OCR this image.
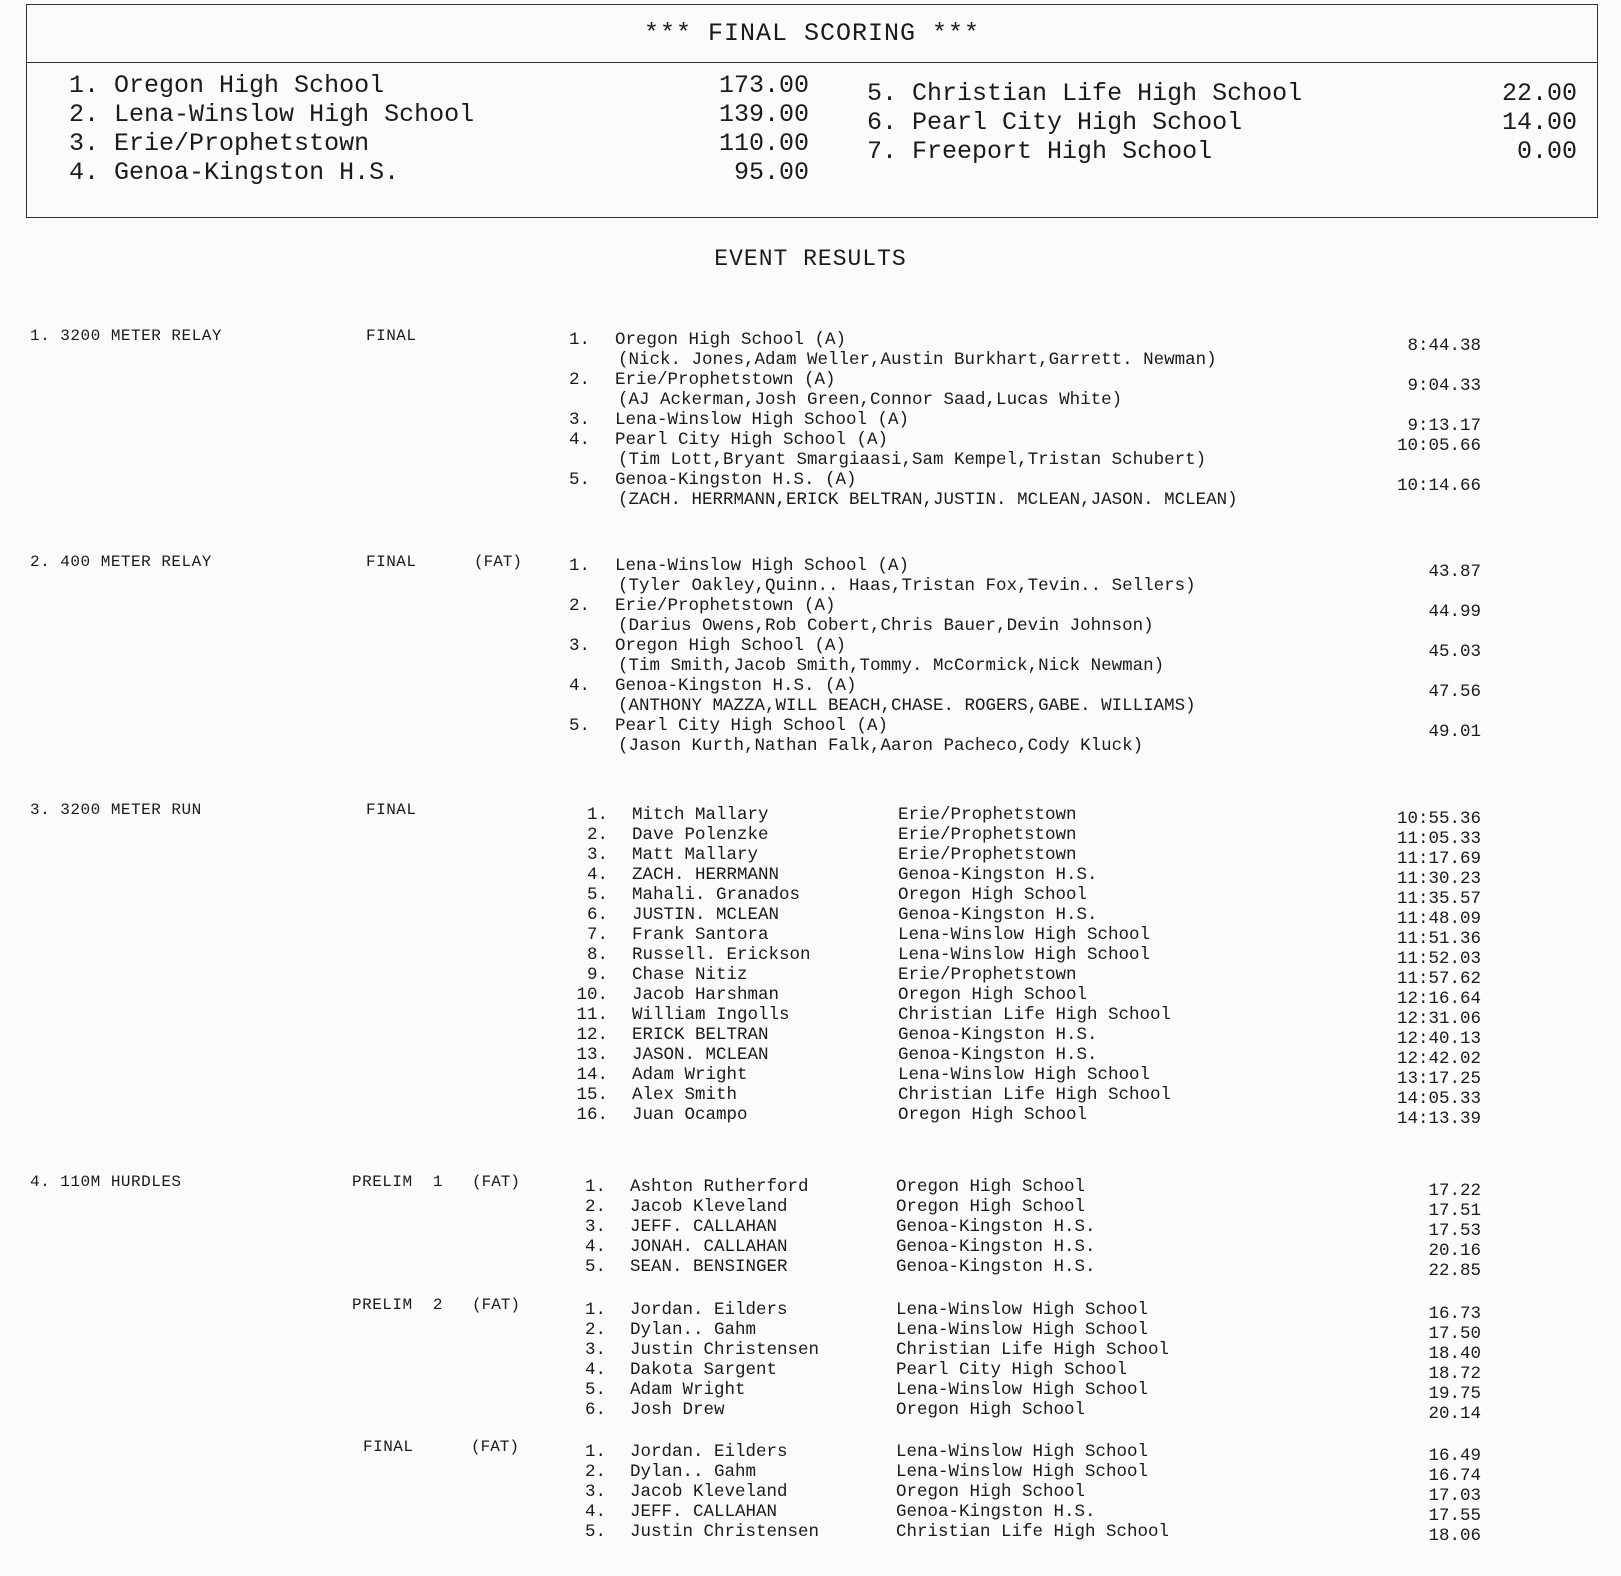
*** FINAL SCORING ***
1. Oregon High School	173.00
2. Lena-Winslow High School	139.00
3. Erie/Prophetstown	110.00
4. Genoa-Kingston H.S.	95.00
5. Christian Life High School	22.00
6. Pearl City High School	14.00
7. Freeport High School	0.00
EVENT RESULTS
1. 3200 METER RELAY	FINAL	1. Oregon High School (A)
(Nick. Jones,Adam Weller,Austin Burkhart,Garrett. Newman)
8:44.38
2. Erie/Prophetstown (A)
(AJ Ackerman,Josh Green,Connor Saad,Lucas White)
9:04.33
3. Lena-Winslow High School (A)	9:13.17
4. Pearl City High School (A)
(Tim Lott,Bryant Smargiaasi,Sam Kempel,Tristan Schubert)
10:05.66
5. Genoa-Kingston H.S. (A)
(ZACH. HERRMANN,ERICK BELTRAN,JUSTIN. MCLEAN,JASON. MCLEAN)
10:14.66
2. 400 METER RELAY	FINAL	(FAT)	1. Lena-Winslow High School (A)
(Tyler Oakley,Quinn.. Haas,Tristan Fox,Tevin.. Sellers)
43.87
2. Erie/Prophetstown (A)
(Darius Owens,Rob Cobert,Chris Bauer,Devin Johnson)
44.99
3. Oregon High School (A)
(Tim Smith,Jacob Smith,Tommy. McCormick,Nick Newman)
45.03
4. Genoa-Kingston H.S. (A)
(ANTHONY MAZZA,WILL BEACH,CHASE. ROGERS,GABE. WILLIAMS)
47.56
5. Pearl City High School (A)
(Jason Kurth,Nathan Falk,Aaron Pacheco,Cody Kluck)
49.01
3. 3200 METER RUN	FINAL	1. Mitch Mallary	Erie/Prophetstown	10:55.36
2. Dave Polenzke	Erie/Prophetstown	11:05.33
3. Matt Mallary	Erie/Prophetstown	11:17.69
4. ZACH. HERRMANN	Genoa-Kingston H.S.	11:30.23
5. Mahali. Granados	Oregon High School	11:35.57
6. JUSTIN. MCLEAN	Genoa-Kingston H.S.	11:48.09
7. Frank Santora	Lena-Winslow High School	11:51.36
8. Russell. Erickson	Lena-Winslow High School	11:52.03
9. Chase Nitiz	Erie/Prophetstown	11:57.62
10. Jacob Harshman	Oregon High School	12:16.64
11. William Ingolls	Christian Life High School	12:31.06
12. ERICK BELTRAN	Genoa-Kingston H.S.	12:40.13
13. JASON. MCLEAN	Genoa-Kingston H.S.	12:42.02
14. Adam Wright	Lena-Winslow High School	13:17.25
15. Alex Smith	Christian Life High School	14:05.33
16. Juan Ocampo	Oregon High School	14:13.39
4. 110M HURDLES	PRELIM  1 (FAT)	1. Ashton Rutherford	Oregon High School	17.22
2. Jacob Kleveland	Oregon High School	17.51
3. JEFF. CALLAHAN	Genoa-Kingston H.S.	17.53
4. JONAH. CALLAHAN	Genoa-Kingston H.S.	20.16
5. SEAN. BENSINGER	Genoa-Kingston H.S.	22.85
PRELIM  2 (FAT)	1. Jordan. Eilders	Lena-Winslow High School	16.73
2. Dylan.. Gahm	Lena-Winslow High School	17.50
3. Justin Christensen	Christian Life High School	18.40
4. Dakota Sargent	Pearl City High School	18.72
5. Adam Wright	Lena-Winslow High School	19.75
6. Josh Drew	Oregon High School	20.14
FINAL	(FAT)	1. Jordan. Eilders	Lena-Winslow High School	16.49
2. Dylan.. Gahm	Lena-Winslow High School	16.74
3. Jacob Kleveland	Oregon High School	17.03
4. JEFF. CALLAHAN	Genoa-Kingston H.S.	17.55
5. Justin Christensen	Christian Life High School	18.06
